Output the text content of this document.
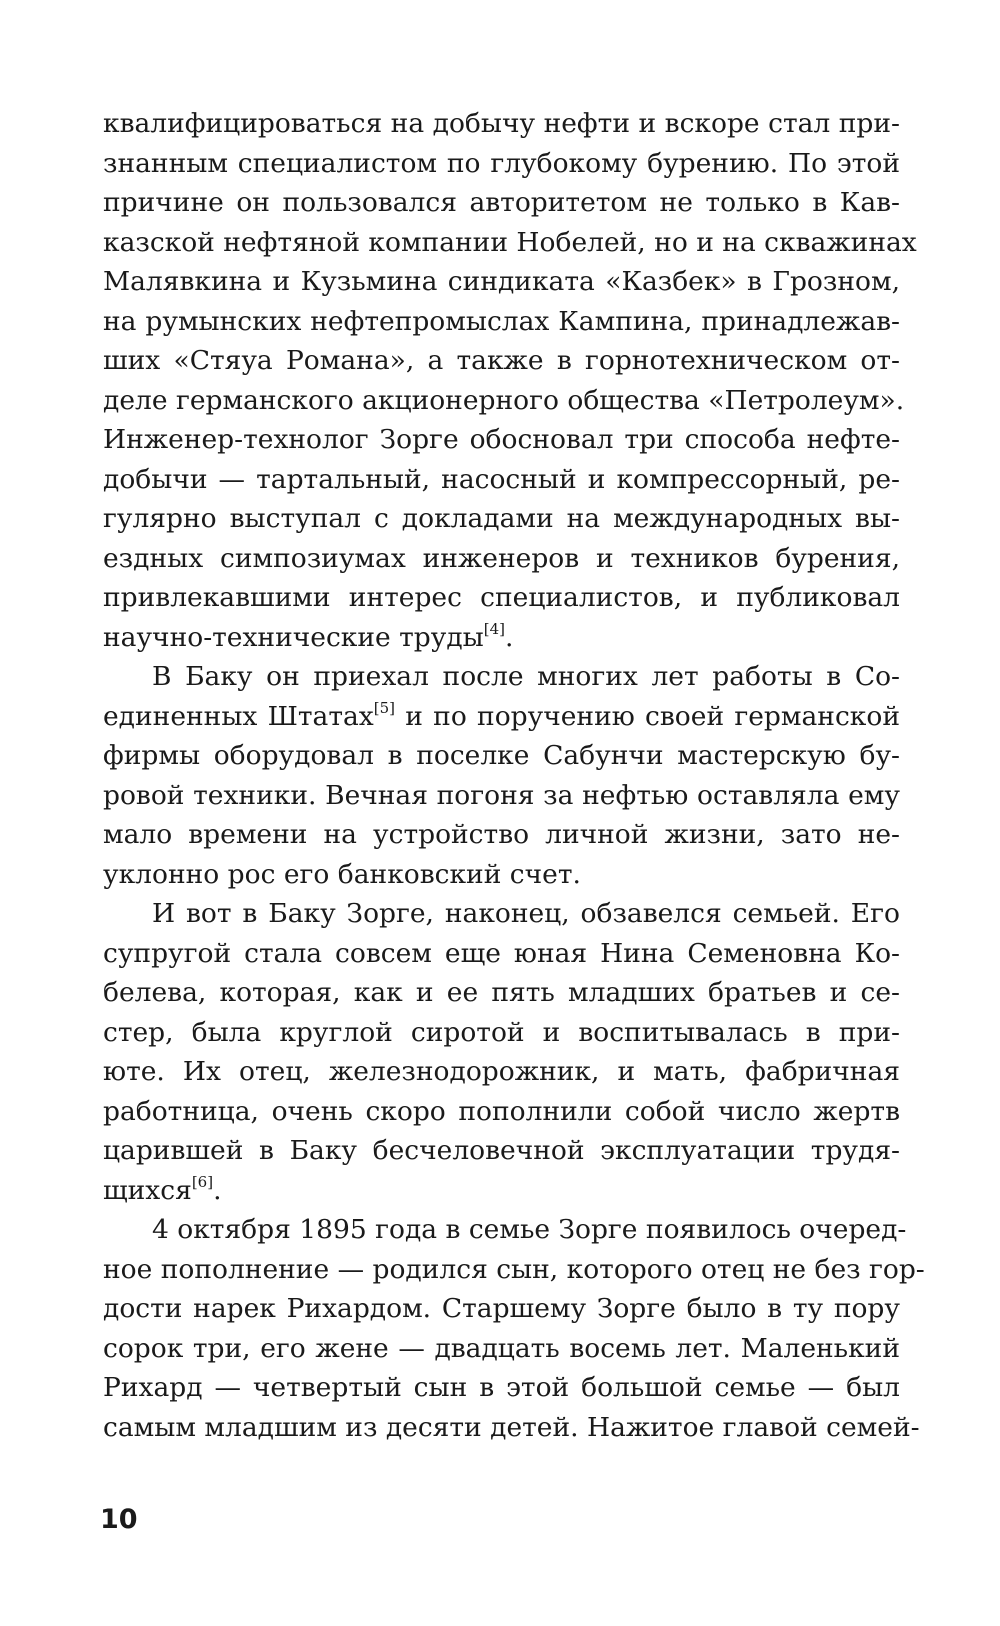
квалифицироваться на добычу нефти и вскоре стал при-
знанным специалистом по глубокому бурению. По этой
причине он пользовался авторитетом не только в Кав-
казской нефтяной компании Нобелей, но и на скважинах
Малявкина и Кузьмина синдиката «Казбек» в Грозном,
на румынских нефтепромыслах Кампина, принадлежав-
ших «Стяуа Романа», а также в горнотехническом от-
деле германского акционерного общества «Петролеум».
Инженер-технолог Зорге обосновал три способа нефте-
добычи — тартальный, насосный и компрессорный, ре-
гулярно выступал с докладами на международных вы-
ездных симпозиумах инженеров и техников бурения,
привлекавшими интерес специалистов, и публиковал
научно-технические труды[4].
В Баку он приехал после многих лет работы в Со-
единенных Штатах[5] и по поручению своей германской
фирмы оборудовал в поселке Сабунчи мастерскую бу-
ровой техники. Вечная погоня за нефтью оставляла ему
мало времени на устройство личной жизни, зато не-
уклонно рос его банковский счет.
И вот в Баку Зорге, наконец, обзавелся семьей. Его
супругой стала совсем еще юная Нина Семеновна Ко-
белева, которая, как и ее пять младших братьев и се-
стер, была круглой сиротой и воспитывалась в при-
юте. Их отец, железнодорожник, и мать, фабричная
работница, очень скоро пополнили собой число жертв
царившей в Баку бесчеловечной эксплуатации трудя-
щихся[6].
4 октября 1895 года в семье Зорге появилось очеред-
ное пополнение — родился сын, которого отец не без гор-
дости нарек Рихардом. Старшему Зорге было в ту пору
сорок три, его жене — двадцать восемь лет. Маленький
Рихард — четвертый сын в этой большой семье — был
самым младшим из десяти детей. Нажитое главой семей-
10
